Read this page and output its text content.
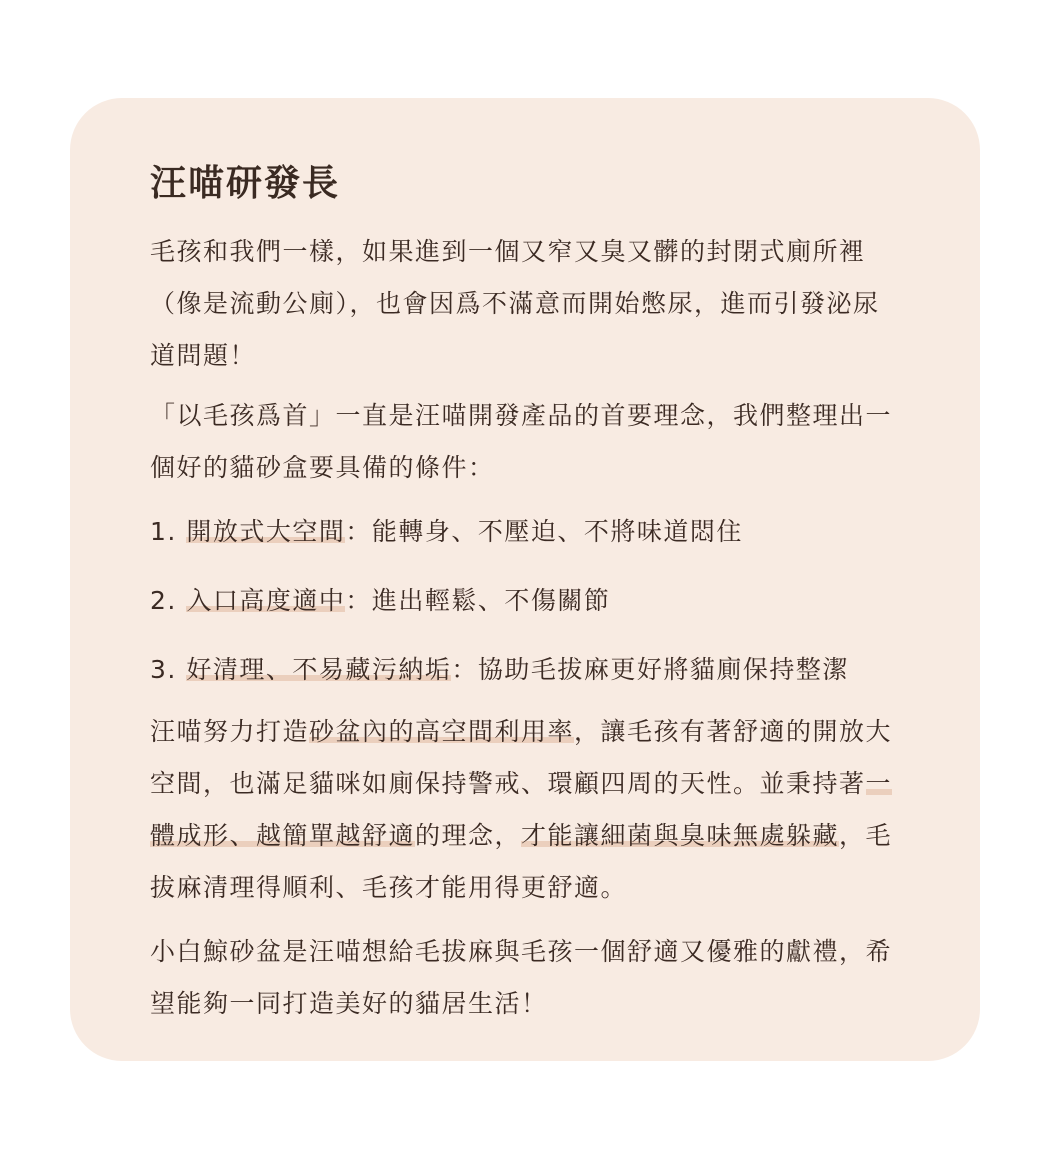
汪喵研發長

毛孩和我們一樣，如果進到一個又窄又臭又髒的封閉式廁所裡（像是流動公廁），也會因爲不滿意而開始憋尿，進而引發泌尿道問題！

「以毛孩爲首」一直是汪喵開發產品的首要理念，我們整理出一個好的貓砂盒要具備的條件：

1. 開放式大空間：能轉身、不壓迫、不將味道悶住
2. 入口高度適中：進出輕鬆、不傷關節
3. 好清理、不易藏污納垢：協助毛拔麻更好將貓廁保持整潔

汪喵努力打造砂盆內的高空間利用率，讓毛孩有著舒適的開放大空間，也滿足貓咪如廁保持警戒、環顧四周的天性。並秉持著一體成形、越簡單越舒適的理念，才能讓細菌與臭味無處躲藏，毛拔麻清理得順利、毛孩才能用得更舒適。

小白鯨砂盆是汪喵想給毛拔麻與毛孩一個舒適又優雅的獻禮，希望能夠一同打造美好的貓居生活！
